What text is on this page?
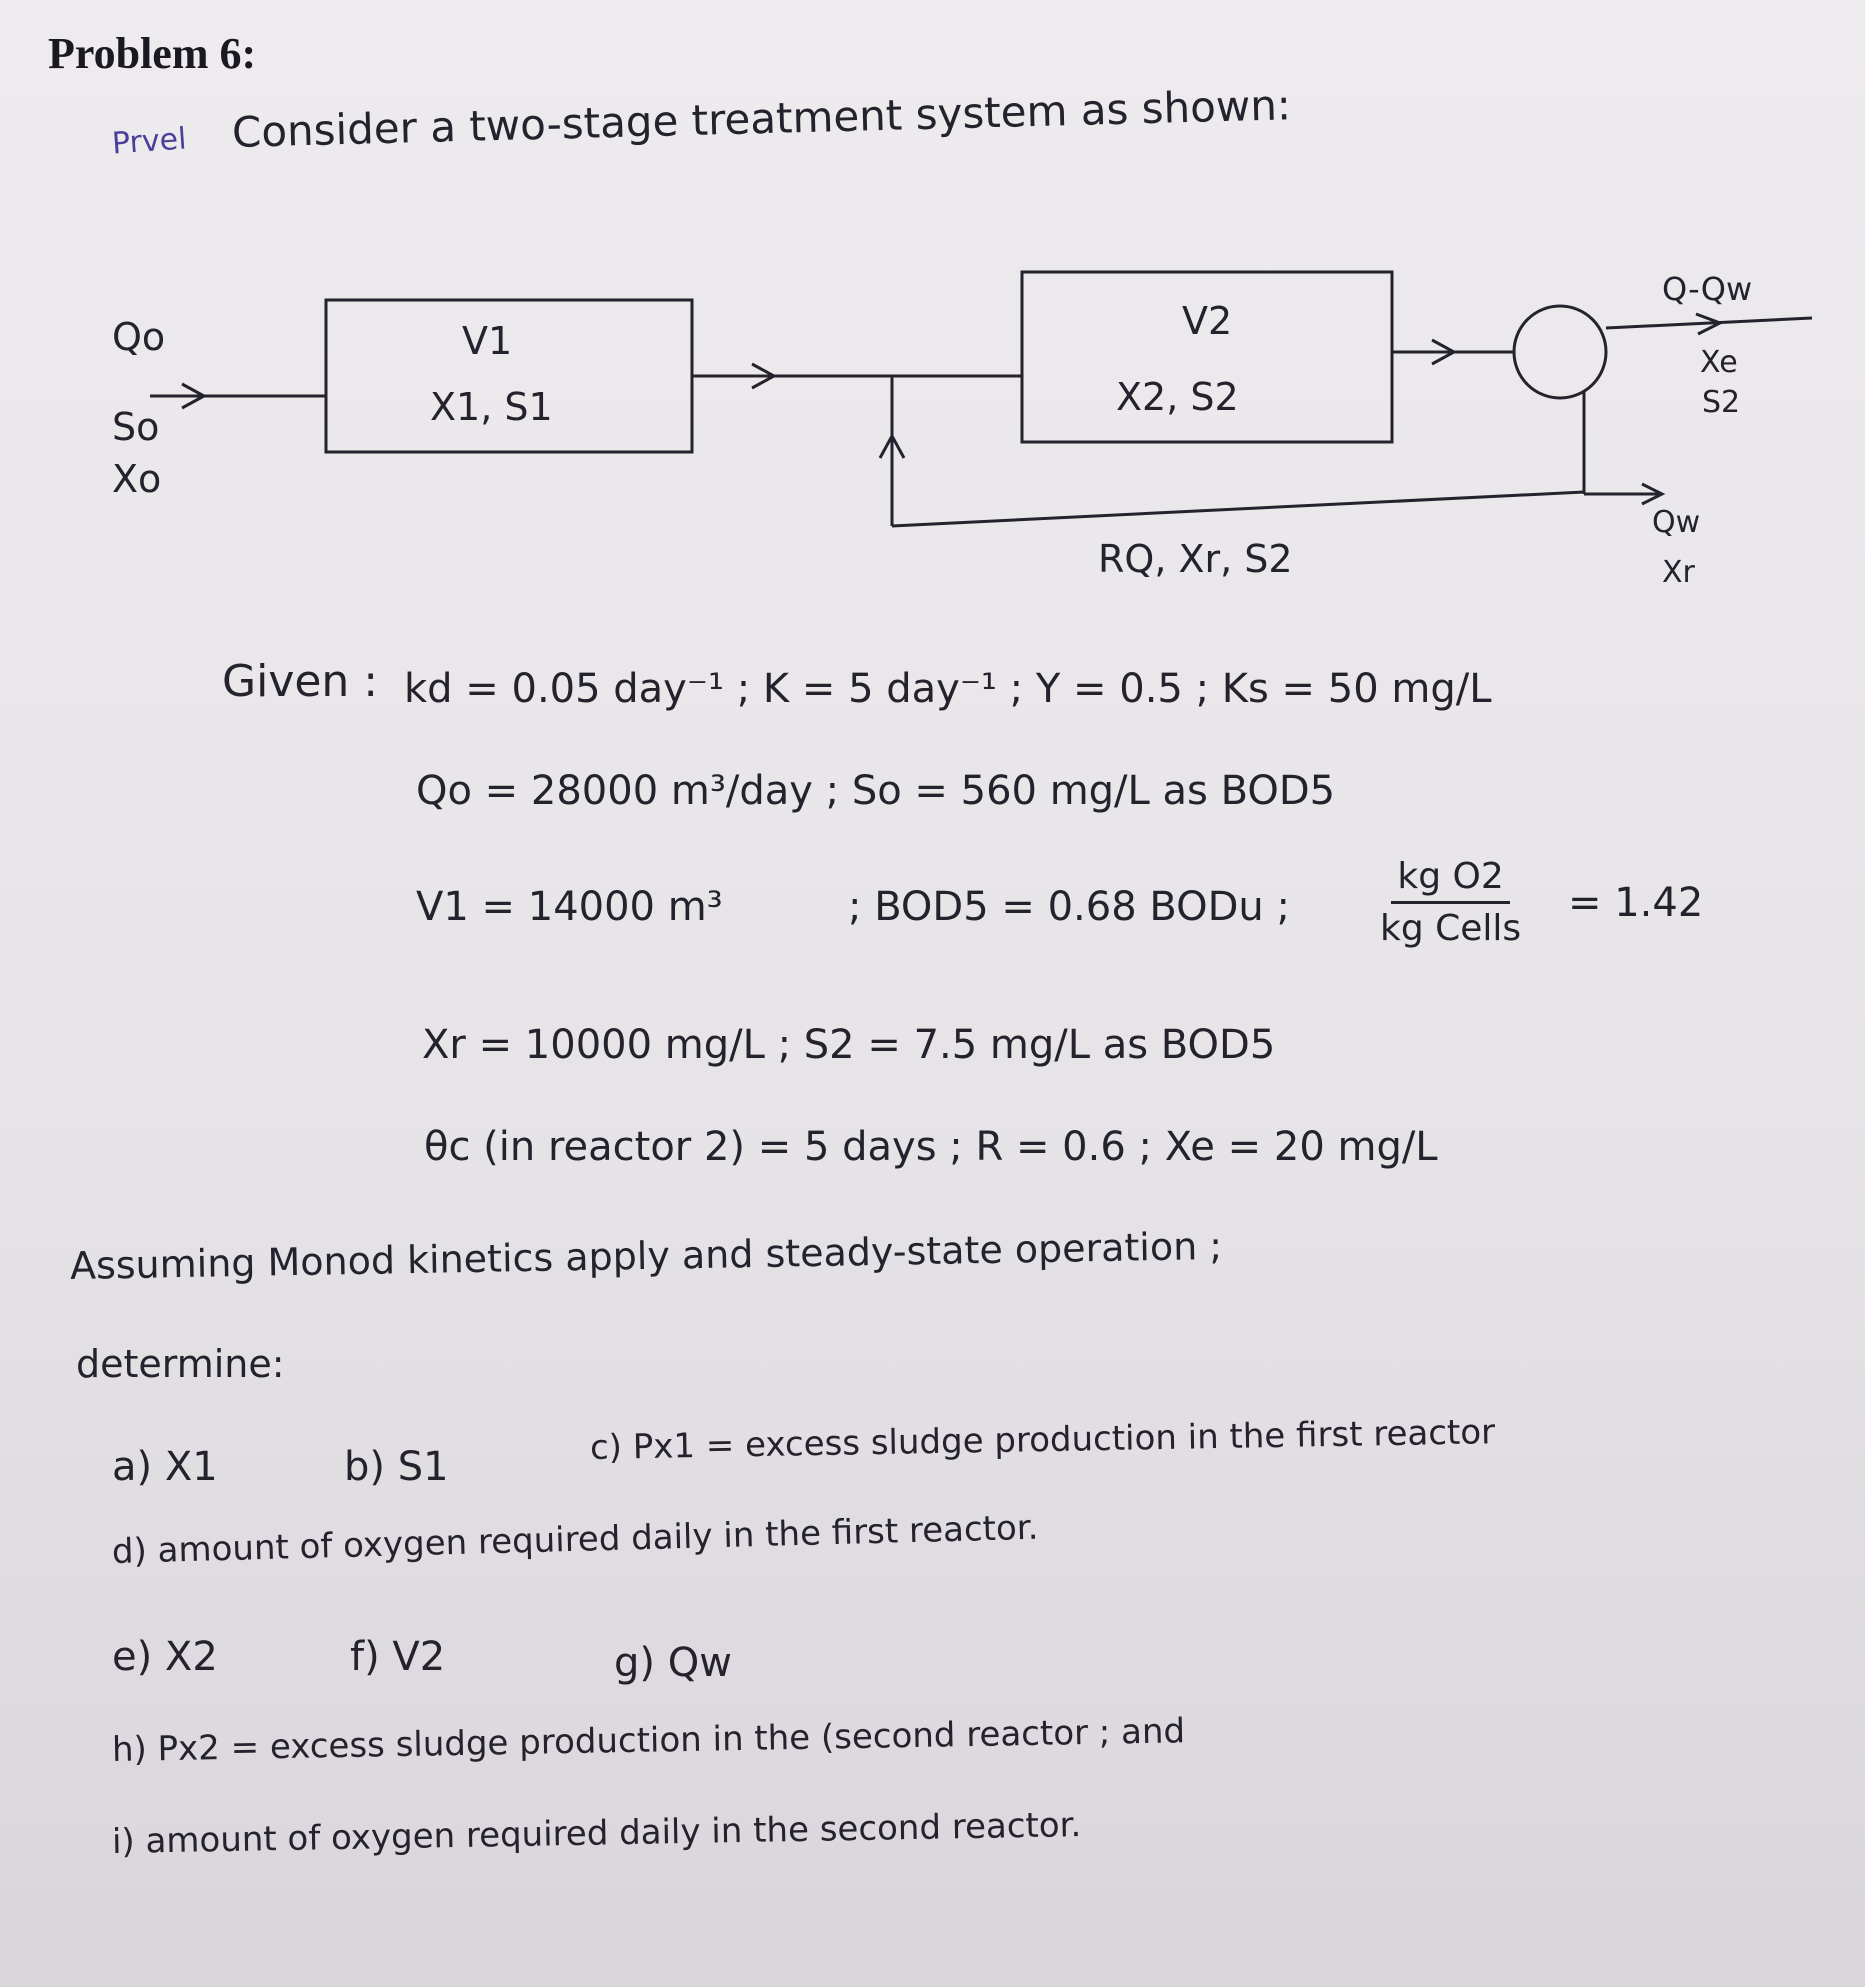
Problem 6:
Prvel Consider a two-stage treatment system as shown:
Qo
So
Xo
V1
X1, S1
V2
X2, S2
Q-Qw
Xe
S2
Qw
Xr
RQ, Xr, S2
Given : kd = 0.05 day⁻¹ ; K = 5 day⁻¹ ; Y = 0.5 ; Ks = 50 mg/L
Qo = 28000 m³/day ; So = 560 mg/L as BOD5
V1 = 14000 m³	; BOD5 = 0.68 BODu ;
kg O2
kg Cells
= 1.42
Xr = 10000 mg/L ; S2 = 7.5 mg/L as BOD5
θc (in reactor 2) = 5 days ; R = 0.6 ; Xe = 20 mg/L
Assuming Monod kinetics apply and steady-state operation ;
determine:
a) X1	b) S1	c) Px1 = excess sludge production in the first reactor
d) amount of oxygen required daily in the first reactor.
e) X2	f) V2	g) Qw
h) Px2 = excess sludge production in the (second reactor ; and
i) amount of oxygen required daily in the second reactor.
